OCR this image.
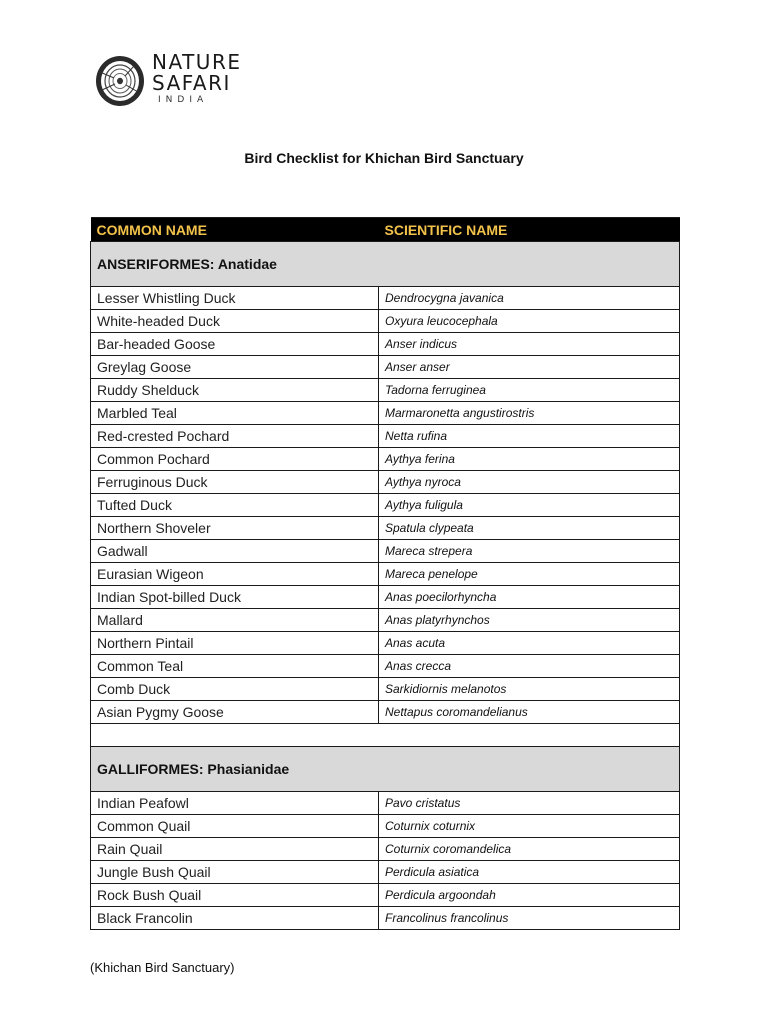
NATURE
SAFARI
INDIA
Bird Checklist for Khichan Bird Sanctuary
COMMON NAME	SCIENTIFIC NAME
ANSERIFORMES: Anatidae	
Lesser Whistling Duck	Dendrocygna javanica
White-headed Duck	Oxyura leucocephala
Bar-headed Goose	Anser indicus
Greylag Goose	Anser anser
Ruddy Shelduck	Tadorna ferruginea
Marbled Teal	Marmaronetta angustirostris
Red-crested Pochard	Netta rufina
Common Pochard	Aythya ferina
Ferruginous Duck	Aythya nyroca
Tufted Duck	Aythya fuligula
Northern Shoveler	Spatula clypeata
Gadwall	Mareca strepera
Eurasian Wigeon	Mareca penelope
Indian Spot-billed Duck	Anas poecilorhyncha
Mallard	Anas platyrhynchos
Northern Pintail	Anas acuta
Common Teal	Anas crecca
Comb Duck	Sarkidiornis melanotos
Asian Pygmy Goose	Nettapus coromandelianus

GALLIFORMES: Phasianidae	
Indian Peafowl	Pavo cristatus
Common Quail	Coturnix coturnix
Rain Quail	Coturnix coromandelica
Jungle Bush Quail	Perdicula asiatica
Rock Bush Quail	Perdicula argoondah
Black Francolin	Francolinus francolinus
(Khichan Bird Sanctuary)
